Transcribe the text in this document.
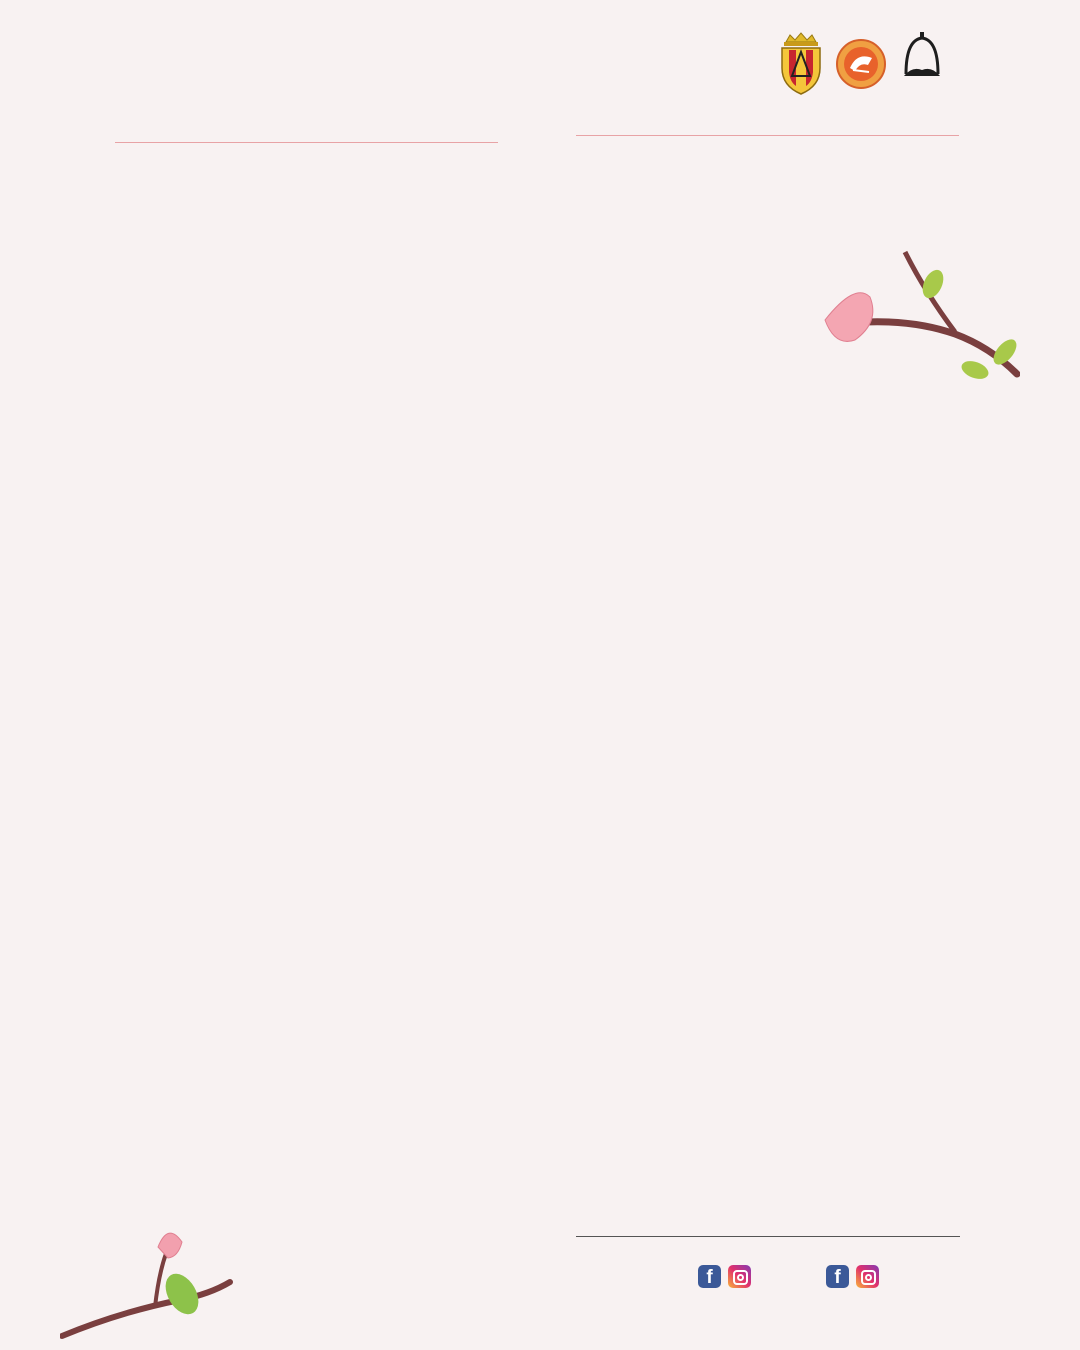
f	f
